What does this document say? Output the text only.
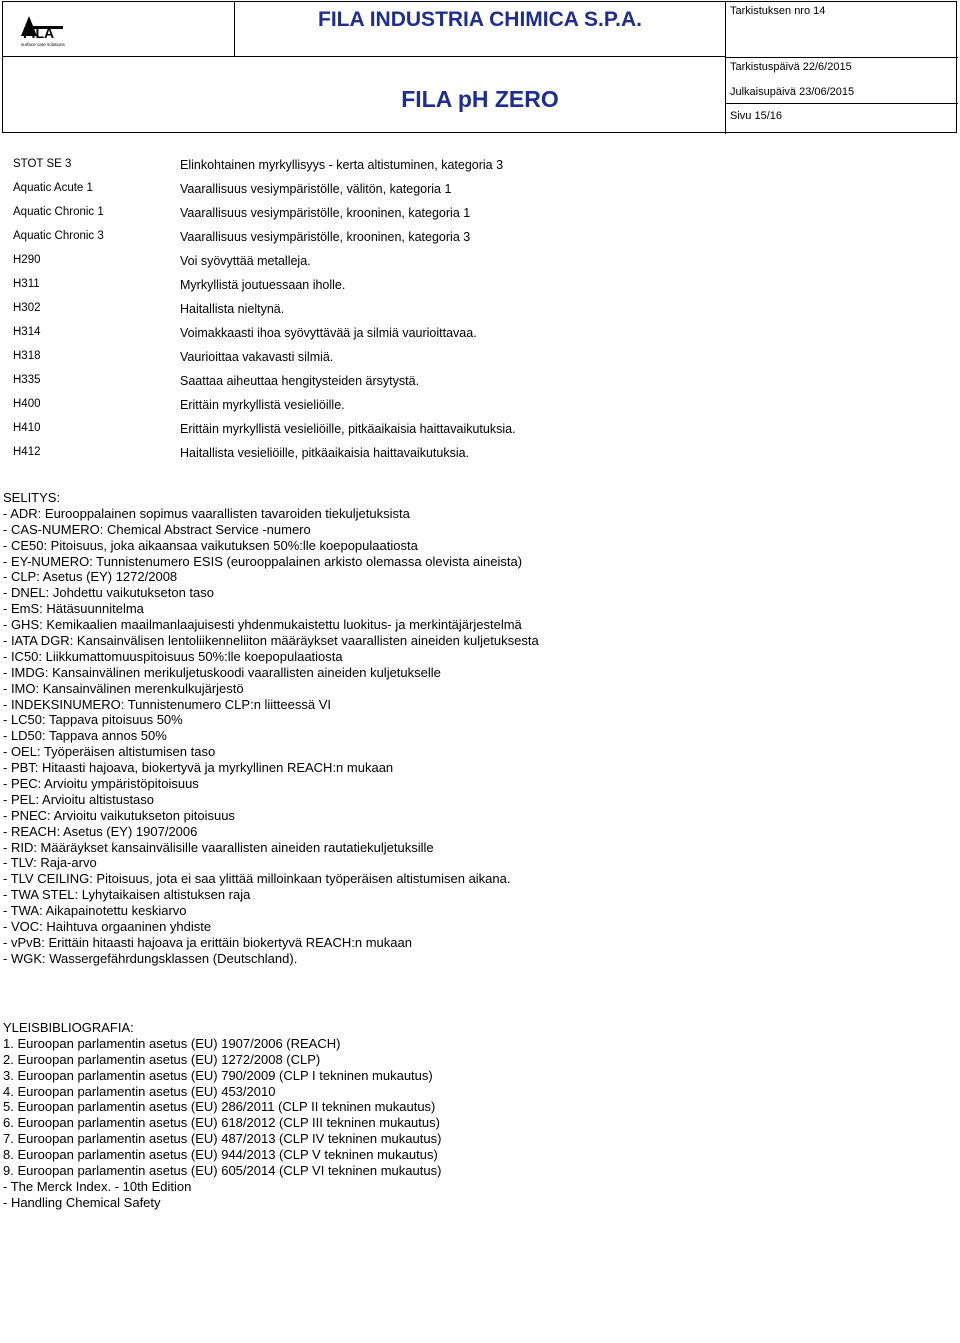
FILA
surface care solutions
FILA INDUSTRIA CHIMICA S.P.A.
FILA pH ZERO
Tarkistuksen nro 14
Tarkistuspäivä 22/6/2015
Julkaisupäivä 23/06/2015
Sivu 15/16
STOT SE 3	Elinkohtainen myrkyllisyys - kerta altistuminen, kategoria 3
Aquatic Acute 1	Vaarallisuus vesiympäristölle, välitön, kategoria 1
Aquatic Chronic 1	Vaarallisuus vesiympäristölle, krooninen, kategoria 1
Aquatic Chronic 3	Vaarallisuus vesiympäristölle, krooninen, kategoria 3
H290	Voi syövyttää metalleja.
H311	Myrkyllistä joutuessaan iholle.
H302	Haitallista nieltynä.
H314	Voimakkaasti ihoa syövyttävää ja silmiä vaurioittavaa.
H318	Vaurioittaa vakavasti silmiä.
H335	Saattaa aiheuttaa hengitysteiden ärsytystä.
H400	Erittäin myrkyllistä vesieliöille.
H410	Erittäin myrkyllistä vesieliöille, pitkäaikaisia haittavaikutuksia.
H412	Haitallista vesieliöille, pitkäaikaisia haittavaikutuksia.
SELITYS:
- ADR: Eurooppalainen sopimus vaarallisten tavaroiden tiekuljetuksista
- CAS-NUMERO: Chemical Abstract Service -numero
- CE50: Pitoisuus, joka aikaansaa vaikutuksen 50%:lle koepopulaatiosta
- EY-NUMERO: Tunnistenumero ESIS (eurooppalainen arkisto olemassa olevista aineista)
- CLP: Asetus (EY) 1272/2008
- DNEL: Johdettu vaikutukseton taso
- EmS: Hätäsuunnitelma
- GHS: Kemikaalien maailmanlaajuisesti yhdenmukaistettu luokitus- ja merkintäjärjestelmä
- IATA DGR: Kansainvälisen lentoliikenneliiton määräykset vaarallisten aineiden kuljetuksesta
- IC50: Liikkumattomuuspitoisuus 50%:lle koepopulaatiosta
- IMDG: Kansainvälinen merikuljetuskoodi vaarallisten aineiden kuljetukselle
- IMO: Kansainvälinen merenkulkujärjestö
- INDEKSINUMERO: Tunnistenumero CLP:n liitteessä VI
- LC50: Tappava pitoisuus 50%
- LD50: Tappava annos 50%
- OEL: Työperäisen altistumisen taso
- PBT: Hitaasti hajoava, biokertyvä ja myrkyllinen REACH:n mukaan
- PEC: Arvioitu ympäristöpitoisuus
- PEL: Arvioitu altistustaso
- PNEC: Arvioitu vaikutukseton pitoisuus
- REACH: Asetus (EY) 1907/2006
- RID: Määräykset kansainvälisille vaarallisten aineiden rautatiekuljetuksille
- TLV: Raja-arvo
- TLV CEILING: Pitoisuus, jota ei saa ylittää milloinkaan työperäisen altistumisen aikana.
- TWA STEL: Lyhytaikaisen altistuksen raja
- TWA: Aikapainotettu keskiarvo
- VOC: Haihtuva orgaaninen yhdiste
- vPvB: Erittäin hitaasti hajoava ja erittäin biokertyvä REACH:n mukaan
- WGK: Wassergefährdungsklassen (Deutschland).
YLEISBIBLIOGRAFIA:
1. Euroopan parlamentin asetus (EU) 1907/2006 (REACH)
2. Euroopan parlamentin asetus (EU) 1272/2008 (CLP)
3. Euroopan parlamentin asetus (EU) 790/2009 (CLP I tekninen mukautus)
4. Euroopan parlamentin asetus (EU) 453/2010
5. Euroopan parlamentin asetus (EU) 286/2011 (CLP II tekninen mukautus)
6. Euroopan parlamentin asetus (EU) 618/2012 (CLP III tekninen mukautus)
7. Euroopan parlamentin asetus (EU) 487/2013 (CLP IV tekninen mukautus)
8. Euroopan parlamentin asetus (EU) 944/2013 (CLP V tekninen mukautus)
9. Euroopan parlamentin asetus (EU) 605/2014 (CLP VI tekninen mukautus)
- The Merck Index. - 10th Edition
- Handling Chemical Safety
